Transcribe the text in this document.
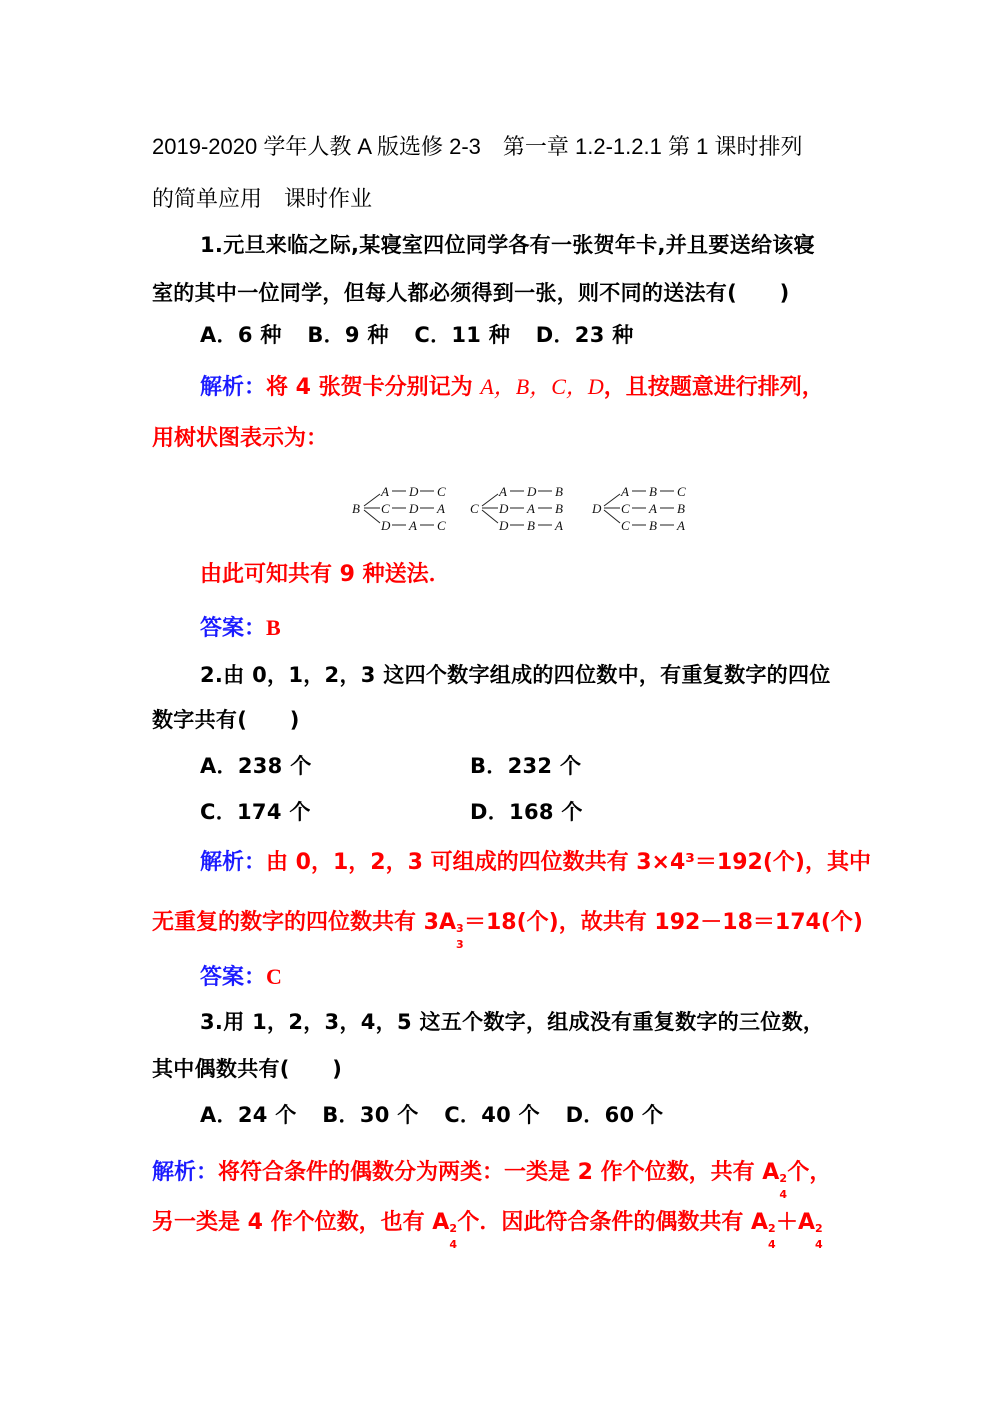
2019-2020 学年人教 A 版选修 2-3　第一章 1.2-1.2.1 第 1 课时排列
的简单应用　课时作业
1.元旦来临之际,某寝室四位同学各有一张贺年卡,并且要送给该寝
室的其中一位同学，但每人都必须得到一张，则不同的送法有(　　)
A．6 种 B．9 种 C．11 种 D．23 种
解析：将 4 张贺卡分别记为 A，B，C，D，且按题意进行排列，
用树状图表示为：
B
A D C
C D A
D A C
C
A D B
D A B
D B A
D
A B C
C A B
C B A
由此可知共有 9 种送法．
答案：B
2.由 0，1，2，3 这四个数字组成的四位数中，有重复数字的四位
数字共有(　　)
A．238 个	B．232 个
C．174 个	D．168 个
解析：由 0，1，2，3 可组成的四位数共有 3×4³＝192(个)，其中
无重复的数字的四位数共有 3A 3
3
＝18(个)，故共有 192－18＝174(个)
答案：C
3.用 1，2，3，4，5 这五个数字，组成没有重复数字的三位数，
其中偶数共有(　　)
A．24 个 B．30 个 C．40 个 D．60 个
解析：将符合条件的偶数分为两类：一类是 2 作个位数，共有 A 2
4
个，
另一类是 4 作个位数，也有 A 2
4
个．因此符合条件的偶数共有 A 2
4
＋A 2
4
